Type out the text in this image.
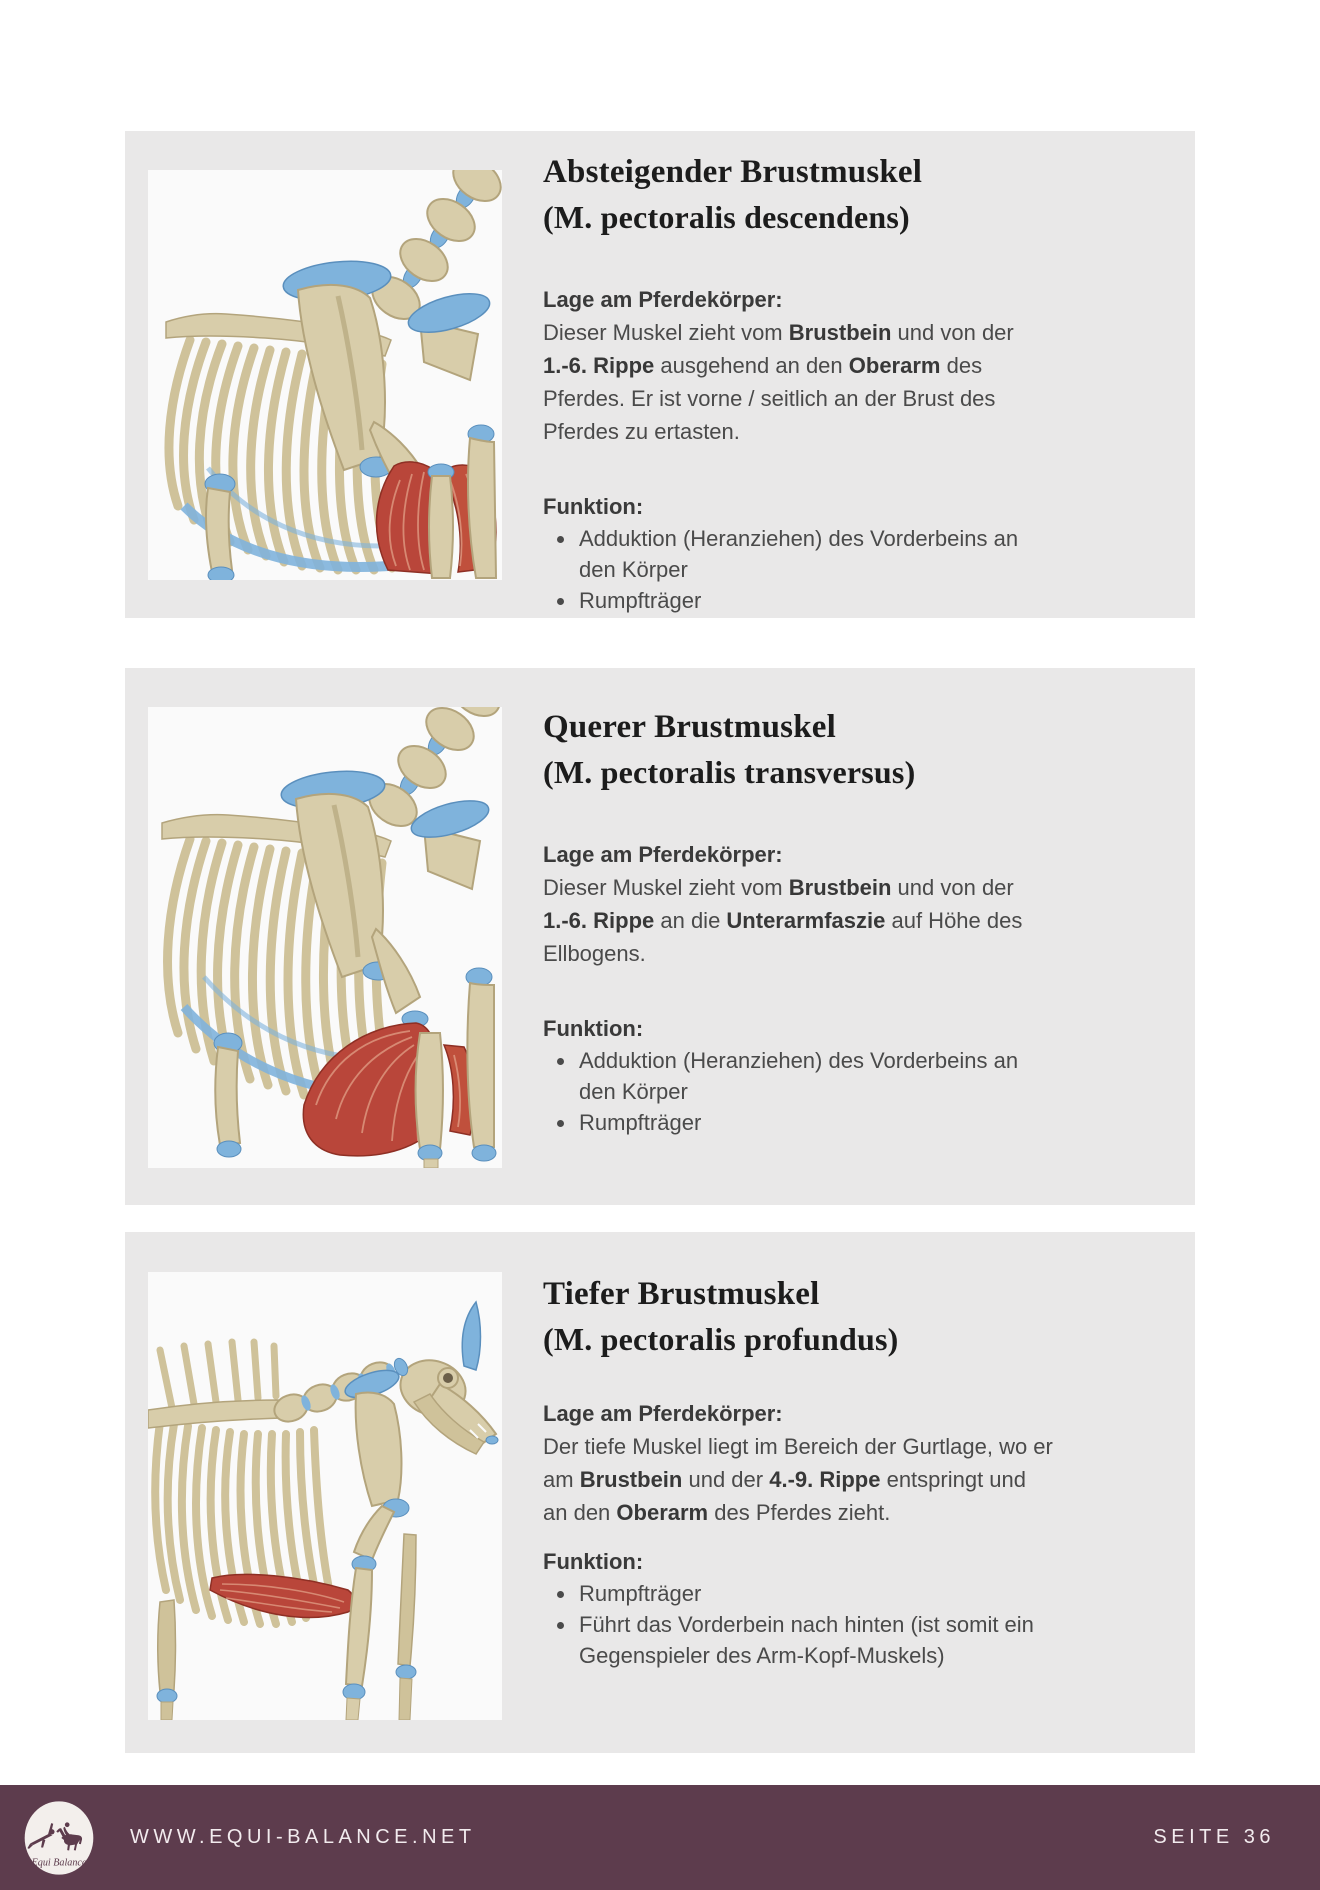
Absteigender Brustmuskel
(M. pectoralis descendens)

Lage am Pferdekörper:

Dieser Muskel zieht vom Brustbein und von der 1.-6. Rippe ausgehend an den Oberarm des Pferdes. Er ist vorne / seitlich an der Brust des Pferdes zu ertasten.

Funktion:

• Adduktion (Heranziehen) des Vorderbeins an den Körper
• Rumpfträger
Querer Brustmuskel
(M. pectoralis transversus)

Lage am Pferdekörper:

Dieser Muskel zieht vom Brustbein und von der 1.-6. Rippe an die Unterarmfaszie auf Höhe des Ellbogens.

Funktion:

• Adduktion (Heranziehen) des Vorderbeins an den Körper
• Rumpfträger
Tiefer Brustmuskel
(M. pectoralis profundus)

Lage am Pferdekörper:

Der tiefe Muskel liegt im Bereich der Gurtlage, wo er am Brustbein und der 4.-9. Rippe entspringt und an den Oberarm des Pferdes zieht.

Funktion:

• Rumpfträger
• Führt das Vorderbein nach hinten (ist somit ein Gegenspieler des Arm-Kopf-Muskels)
Equi Balance
WWW.EQUI-BALANCE.NET	SEITE 36
